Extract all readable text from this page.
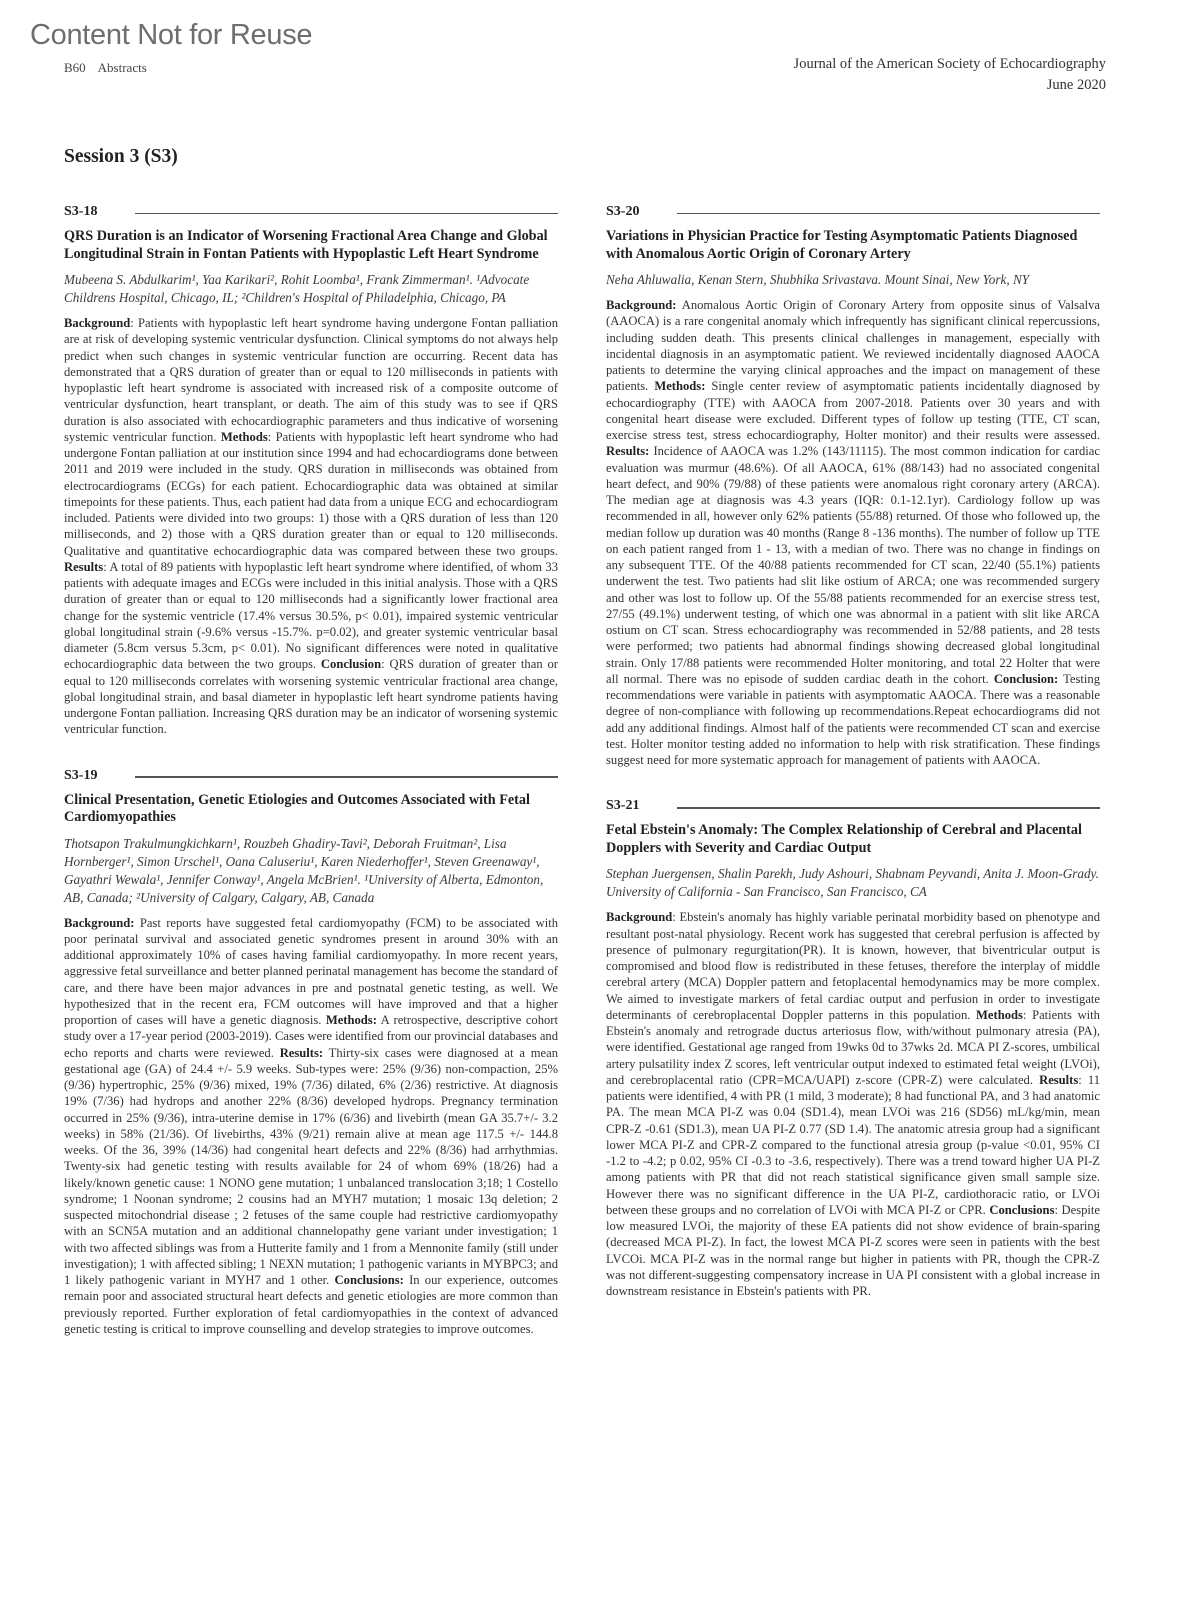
Content Not for Reuse
B60 Abstracts	Journal of the American Society of Echocardiography
June 2020
Session 3 (S3)
S3-18
QRS Duration is an Indicator of Worsening Fractional Area Change and Global Longitudinal Strain in Fontan Patients with Hypoplastic Left Heart Syndrome
Mubeena S. Abdulkarim¹, Yaa Karikari², Rohit Loomba¹, Frank Zimmerman¹. ¹Advocate Childrens Hospital, Chicago, IL; ²Children's Hospital of Philadelphia, Chicago, PA
Background: Patients with hypoplastic left heart syndrome having undergone Fontan palliation are at risk of developing systemic ventricular dysfunction. Clinical symptoms do not always help predict when such changes in systemic ventricular function are occurring. Recent data has demonstrated that a QRS duration of greater than or equal to 120 milliseconds in patients with hypoplastic left heart syndrome is associated with increased risk of a composite outcome of ventricular dysfunction, heart transplant, or death. The aim of this study was to see if QRS duration is also associated with echocardiographic parameters and thus indicative of worsening systemic ventricular function. Methods: Patients with hypoplastic left heart syndrome who had undergone Fontan palliation at our institution since 1994 and had echocardiograms done between 2011 and 2019 were included in the study. QRS duration in milliseconds was obtained from electrocardiograms (ECGs) for each patient. Echocardiographic data was obtained at similar timepoints for these patients. Thus, each patient had data from a unique ECG and echocardiogram included. Patients were divided into two groups: 1) those with a QRS duration of less than 120 milliseconds, and 2) those with a QRS duration greater than or equal to 120 milliseconds. Qualitative and quantitative echocardiographic data was compared between these two groups. Results: A total of 89 patients with hypoplastic left heart syndrome where identified, of whom 33 patients with adequate images and ECGs were included in this initial analysis. Those with a QRS duration of greater than or equal to 120 milliseconds had a significantly lower fractional area change for the systemic ventricle (17.4% versus 30.5%, p< 0.01), impaired systemic ventricular global longitudinal strain (-9.6% versus -15.7%. p=0.02), and greater systemic ventricular basal diameter (5.8cm versus 5.3cm, p< 0.01). No significant differences were noted in qualitative echocardiographic data between the two groups. Conclusion: QRS duration of greater than or equal to 120 milliseconds correlates with worsening systemic ventricular fractional area change, global longitudinal strain, and basal diameter in hypoplastic left heart syndrome patients having undergone Fontan palliation. Increasing QRS duration may be an indicator of worsening systemic ventricular function.
S3-19
Clinical Presentation, Genetic Etiologies and Outcomes Associated with Fetal Cardiomyopathies
Thotsapon Trakulmungkichkarn¹, Rouzbeh Ghadiry-Tavi², Deborah Fruitman², Lisa Hornberger¹, Simon Urschel¹, Oana Caluseriu¹, Karen Niederhoffer¹, Steven Greenaway¹, Gayathri Wewala¹, Jennifer Conway¹, Angela McBrien¹. ¹University of Alberta, Edmonton, AB, Canada; ²University of Calgary, Calgary, AB, Canada
Background: Past reports have suggested fetal cardiomyopathy (FCM) to be associated with poor perinatal survival and associated genetic syndromes present in around 30% with an additional approximately 10% of cases having familial cardiomyopathy. In more recent years, aggressive fetal surveillance and better planned perinatal management has become the standard of care, and there have been major advances in pre and postnatal genetic testing, as well. We hypothesized that in the recent era, FCM outcomes will have improved and that a higher proportion of cases will have a genetic diagnosis. Methods: A retrospective, descriptive cohort study over a 17-year period (2003-2019). Cases were identified from our provincial databases and echo reports and charts were reviewed. Results: Thirty-six cases were diagnosed at a mean gestational age (GA) of 24.4 +/- 5.9 weeks. Sub-types were: 25% (9/36) non-compaction, 25% (9/36) hypertrophic, 25% (9/36) mixed, 19% (7/36) dilated, 6% (2/36) restrictive. At diagnosis 19% (7/36) had hydrops and another 22% (8/36) developed hydrops. Pregnancy termination occurred in 25% (9/36), intra-uterine demise in 17% (6/36) and livebirth (mean GA 35.7+/- 3.2 weeks) in 58% (21/36). Of livebirths, 43% (9/21) remain alive at mean age 117.5 +/- 144.8 weeks. Of the 36, 39% (14/36) had congenital heart defects and 22% (8/36) had arrhythmias. Twenty-six had genetic testing with results available for 24 of whom 69% (18/26) had a likely/known genetic cause: 1 NONO gene mutation; 1 unbalanced translocation 3;18; 1 Costello syndrome; 1 Noonan syndrome; 2 cousins had an MYH7 mutation; 1 mosaic 13q deletion; 2 suspected mitochondrial disease ; 2 fetuses of the same couple had restrictive cardiomyopathy with an SCN5A mutation and an additional channelopathy gene variant under investigation; 1 with two affected siblings was from a Hutterite family and 1 from a Mennonite family (still under investigation); 1 with affected sibling; 1 NEXN mutation; 1 pathogenic variants in MYBPC3; and 1 likely pathogenic variant in MYH7 and 1 other. Conclusions: In our experience, outcomes remain poor and associated structural heart defects and genetic etiologies are more common than previously reported. Further exploration of fetal cardiomyopathies in the context of advanced genetic testing is critical to improve counselling and develop strategies to improve outcomes.
S3-20
Variations in Physician Practice for Testing Asymptomatic Patients Diagnosed with Anomalous Aortic Origin of Coronary Artery
Neha Ahluwalia, Kenan Stern, Shubhika Srivastava. Mount Sinai, New York, NY
Background: Anomalous Aortic Origin of Coronary Artery from opposite sinus of Valsalva (AAOCA) is a rare congenital anomaly which infrequently has significant clinical repercussions, including sudden death. This presents clinical challenges in management, especially with incidental diagnosis in an asymptomatic patient. We reviewed incidentally diagnosed AAOCA patients to determine the varying clinical approaches and the impact on management of these patients. Methods: Single center review of asymptomatic patients incidentally diagnosed by echocardiography (TTE) with AAOCA from 2007-2018. Patients over 30 years and with congenital heart disease were excluded. Different types of follow up testing (TTE, CT scan, exercise stress test, stress echocardiography, Holter monitor) and their results were assessed. Results: Incidence of AAOCA was 1.2% (143/11115). The most common indication for cardiac evaluation was murmur (48.6%). Of all AAOCA, 61% (88/143) had no associated congenital heart defect, and 90% (79/88) of these patients were anomalous right coronary artery (ARCA). The median age at diagnosis was 4.3 years (IQR: 0.1-12.1yr). Cardiology follow up was recommended in all, however only 62% patients (55/88) returned. Of those who followed up, the median follow up duration was 40 months (Range 8 -136 months). The number of follow up TTE on each patient ranged from 1 - 13, with a median of two. There was no change in findings on any subsequent TTE. Of the 40/88 patients recommended for CT scan, 22/40 (55.1%) patients underwent the test. Two patients had slit like ostium of ARCA; one was recommended surgery and other was lost to follow up. Of the 55/88 patients recommended for an exercise stress test, 27/55 (49.1%) underwent testing, of which one was abnormal in a patient with slit like ARCA ostium on CT scan. Stress echocardiography was recommended in 52/88 patients, and 28 tests were performed; two patients had abnormal findings showing decreased global longitudinal strain. Only 17/88 patients were recommended Holter monitoring, and total 22 Holter that were all normal. There was no episode of sudden cardiac death in the cohort. Conclusion: Testing recommendations were variable in patients with asymptomatic AAOCA. There was a reasonable degree of non-compliance with following up recommendations.Repeat echocardiograms did not add any additional findings. Almost half of the patients were recommended CT scan and exercise test. Holter monitor testing added no information to help with risk stratification. These findings suggest need for more systematic approach for management of patients with AAOCA.
S3-21
Fetal Ebstein's Anomaly: The Complex Relationship of Cerebral and Placental Dopplers with Severity and Cardiac Output
Stephan Juergensen, Shalin Parekh, Judy Ashouri, Shabnam Peyvandi, Anita J. Moon-Grady. University of California - San Francisco, San Francisco, CA
Background: Ebstein's anomaly has highly variable perinatal morbidity based on phenotype and resultant post-natal physiology. Recent work has suggested that cerebral perfusion is affected by presence of pulmonary regurgitation(PR). It is known, however, that biventricular output is compromised and blood flow is redistributed in these fetuses, therefore the interplay of middle cerebral artery (MCA) Doppler pattern and fetoplacental hemodynamics may be more complex. We aimed to investigate markers of fetal cardiac output and perfusion in order to investigate determinants of cerebroplacental Doppler patterns in this population. Methods: Patients with Ebstein's anomaly and retrograde ductus arteriosus flow, with/without pulmonary atresia (PA), were identified. Gestational age ranged from 19wks 0d to 37wks 2d. MCA PI Z-scores, umbilical artery pulsatility index Z scores, left ventricular output indexed to estimated fetal weight (LVOi), and cerebroplacental ratio (CPR=MCA/UAPI) z-score (CPR-Z) were calculated. Results: 11 patients were identified, 4 with PR (1 mild, 3 moderate); 8 had functional PA, and 3 had anatomic PA. The mean MCA PI-Z was 0.04 (SD1.4), mean LVOi was 216 (SD56) mL/kg/min, mean CPR-Z -0.61 (SD1.3), mean UA PI-Z 0.77 (SD 1.4). The anatomic atresia group had a significant lower MCA PI-Z and CPR-Z compared to the functional atresia group (p-value <0.01, 95% CI -1.2 to -4.2; p 0.02, 95% CI -0.3 to -3.6, respectively). There was a trend toward higher UA PI-Z among patients with PR that did not reach statistical significance given small sample size. However there was no significant difference in the UA PI-Z, cardiothoracic ratio, or LVOi between these groups and no correlation of LVOi with MCA PI-Z or CPR. Conclusions: Despite low measured LVOi, the majority of these EA patients did not show evidence of brain-sparing (decreased MCA PI-Z). In fact, the lowest MCA PI-Z scores were seen in patients with the best LVCOi. MCA PI-Z was in the normal range but higher in patients with PR, though the CPR-Z was not different-suggesting compensatory increase in UA PI consistent with a global increase in downstream resistance in Ebstein's patients with PR.
